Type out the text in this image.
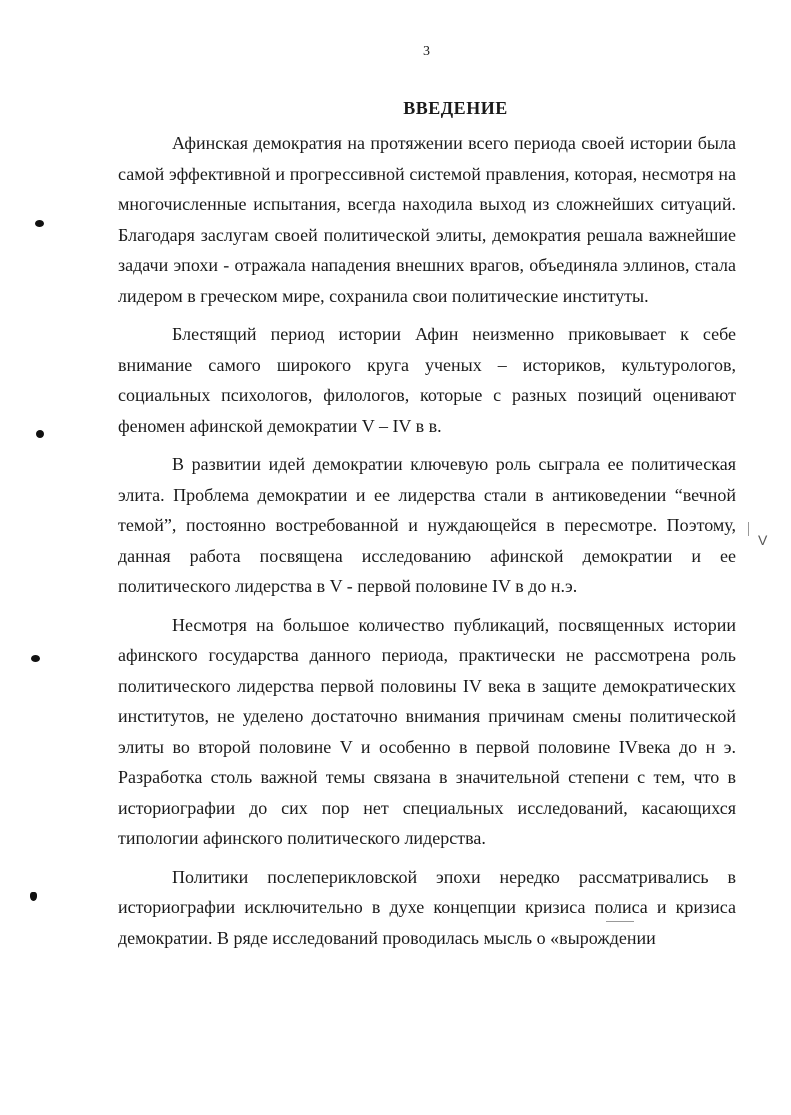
3
ВВЕДЕНИЕ

Афинская демократия на протяжении всего периода своей истории была самой эффективной и прогрессивной системой правления, которая, несмотря на многочисленные испытания, всегда находила выход из сложнейших ситуаций. Благодаря заслугам своей политической элиты, демократия решала важнейшие задачи эпохи - отражала нападения внешних врагов, объединяла эллинов, стала лидером в греческом мире, сохранила свои политические институты.

Блестящий период истории Афин неизменно приковывает к себе внимание самого широкого круга ученых – историков, культурологов, социальных психологов, филологов, которые с разных позиций оценивают феномен афинской демократии V – IV в в.

В развитии идей демократии ключевую роль сыграла ее политическая элита. Проблема демократии и ее лидерства стали в антиковедении “вечной темой”, постоянно востребованной и нуждающейся в пересмотре. Поэтому, данная работа посвящена исследованию афинской демократии и ее политического лидерства в V - первой половине IV в до н.э.

Несмотря на большое количество публикаций, посвященных истории афинского государства данного периода, практически не рассмотрена роль политического лидерства первой половины IV века в защите демократических институтов, не уделено достаточно внимания причинам смены политической элиты во второй половине V и особенно в первой половине IVвека до н э. Разработка столь важной темы связана в значительной степени с тем, что в историографии до сих пор нет специальных исследований, касающихся типологии афинского политического лидерства.

Политики послеперикловской эпохи нередко рассматривались в историографии исключительно в духе концепции кризиса полиса и кризиса демократии. В ряде исследований проводилась мысль о «вырождении

V
